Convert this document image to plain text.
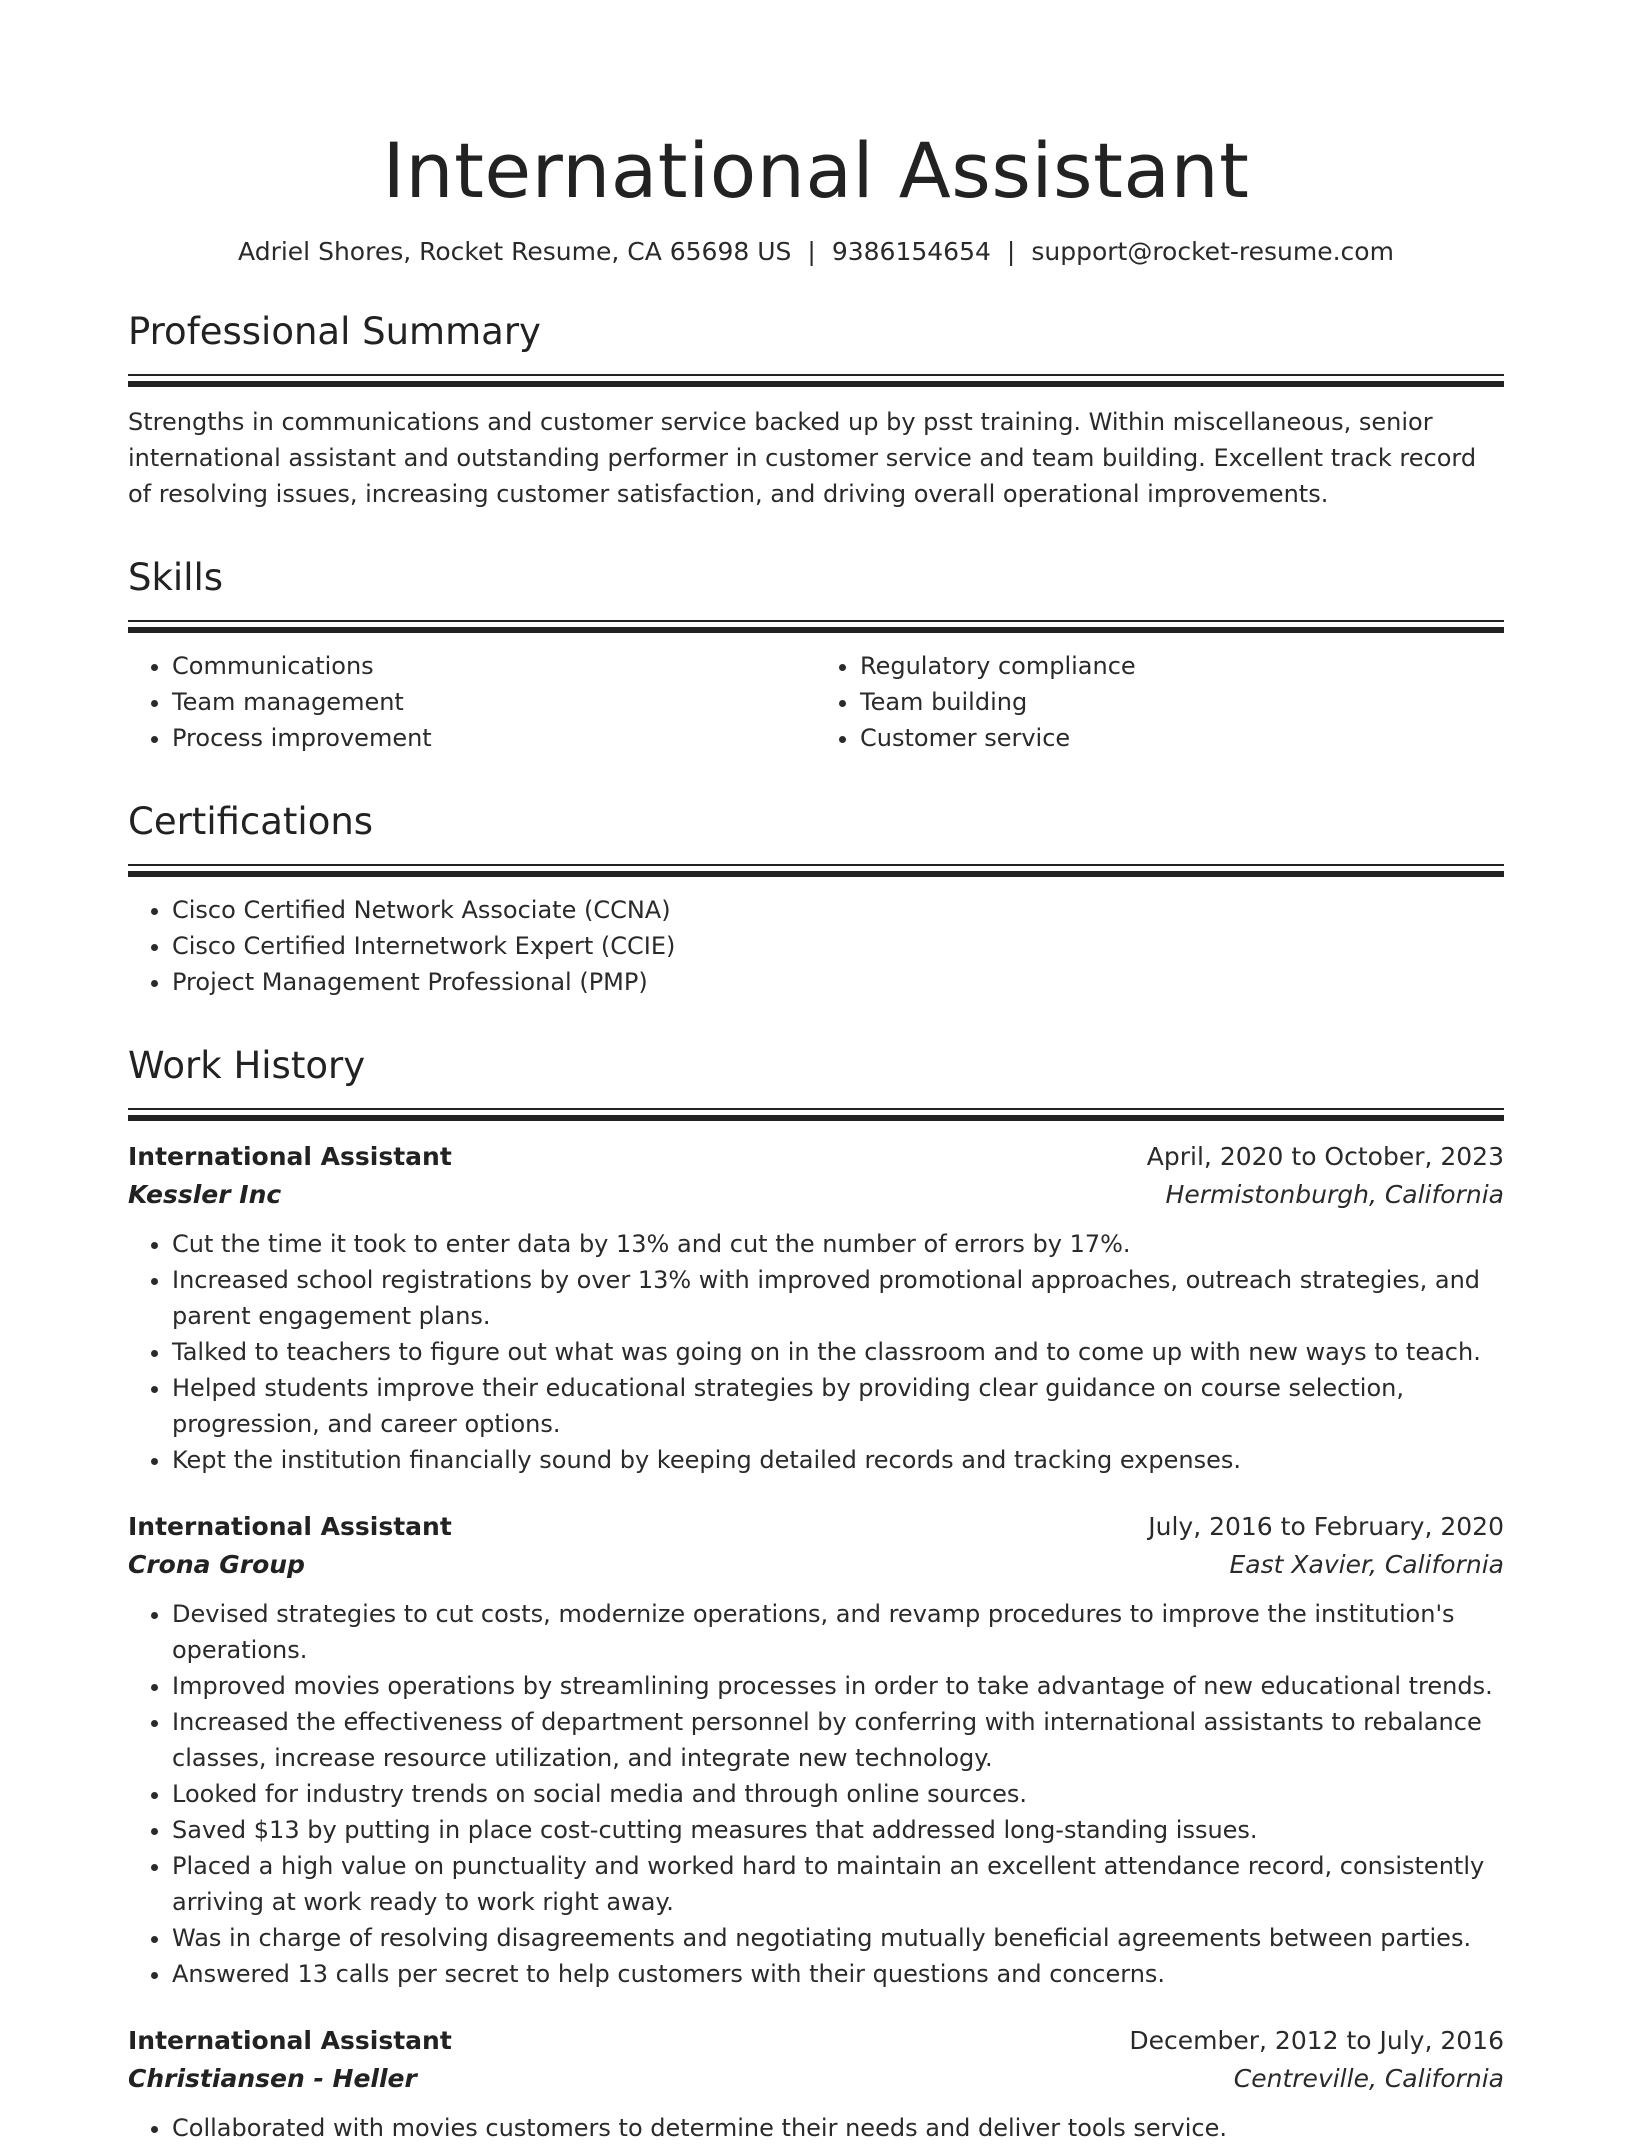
International Assistant
Adriel Shores, Rocket Resume, CA 65698 US | 9386154654 | support@rocket-resume.com
Professional Summary
Strengths in communications and customer service backed up by psst training. Within miscellaneous, senior international assistant and outstanding performer in customer service and team building. Excellent track record of resolving issues, increasing customer satisfaction, and driving overall operational improvements.
Skills
• Communications
• Team management
• Process improvement
• Regulatory compliance
• Team building
• Customer service
Certifications
• Cisco Certified Network Associate (CCNA)
• Cisco Certified Internetwork Expert (CCIE)
• Project Management Professional (PMP)
Work History
International Assistant	April, 2020 to October, 2023
Kessler Inc	Hermistonburgh, California
• Cut the time it took to enter data by 13% and cut the number of errors by 17%.
• Increased school registrations by over 13% with improved promotional approaches, outreach strategies, and parent engagement plans.
• Talked to teachers to figure out what was going on in the classroom and to come up with new ways to teach.
• Helped students improve their educational strategies by providing clear guidance on course selection, progression, and career options.
• Kept the institution financially sound by keeping detailed records and tracking expenses.
International Assistant	July, 2016 to February, 2020
Crona Group	East Xavier, California
• Devised strategies to cut costs, modernize operations, and revamp procedures to improve the institution's operations.
• Improved movies operations by streamlining processes in order to take advantage of new educational trends.
• Increased the effectiveness of department personnel by conferring with international assistants to rebalance classes, increase resource utilization, and integrate new technology.
• Looked for industry trends on social media and through online sources.
• Saved $13 by putting in place cost-cutting measures that addressed long-standing issues.
• Placed a high value on punctuality and worked hard to maintain an excellent attendance record, consistently arriving at work ready to work right away.
• Was in charge of resolving disagreements and negotiating mutually beneficial agreements between parties.
• Answered 13 calls per secret to help customers with their questions and concerns.
International Assistant	December, 2012 to July, 2016
Christiansen - Heller	Centreville, California
• Collaborated with movies customers to determine their needs and deliver tools service.
